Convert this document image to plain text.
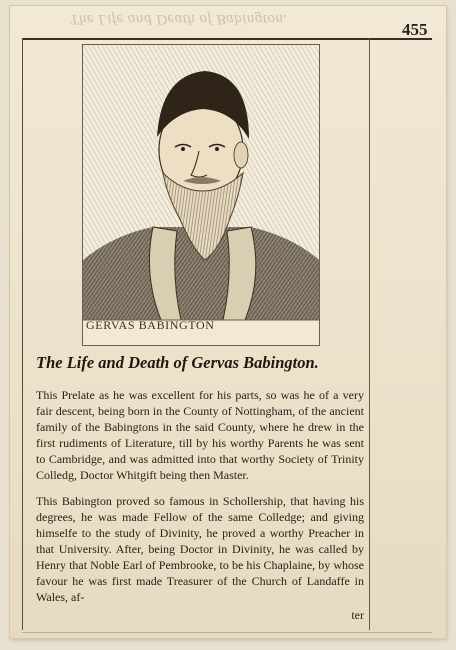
The Life and Death of Babington.
455
GERVAS BABINGTON
The Life and Death of Gervas Babington.

This Prelate as he was excellent for his parts, so was he of a very fair descent, being born in the County of Nottingham, of the ancient family of the Babingtons in the said County, where he drew in the first rudiments of Literature, till by his worthy Parents he was sent to Cambridge, and was admitted into that worthy Society of Trinity Colledg, Doctor Whitgift being then Master.

This Babington proved so famous in Schollership, that having his degrees, he was made Fellow of the same Colledge; and giving himselfe to the study of Divinity, he proved a worthy Preacher in that University. After, being Doctor in Divinity, he was called by Henry that Noble Earl of Pembrooke, to be his Chaplaine, by whose favour he was first made Treasurer of the Church of Landaffe in Wales, af-

ter
